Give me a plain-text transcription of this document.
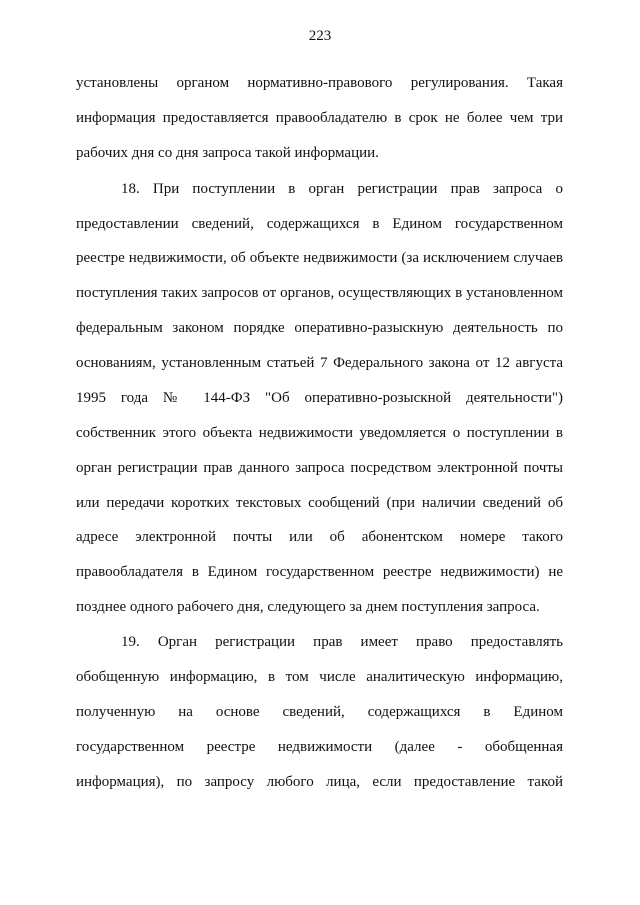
223
установлены органом нормативно-правового регулирования. Такая
информация предоставляется правообладателю в срок не более чем три
рабочих дня со дня запроса такой информации.
18. При поступлении в орган регистрации прав запроса о
предоставлении сведений, содержащихся в Едином государственном
реестре недвижимости, об объекте недвижимости (за исключением случаев
поступления таких запросов от органов, осуществляющих в установленном
федеральным законом порядке оперативно-разыскную деятельность по
основаниям, установленным статьей 7 Федерального закона от 12 августа
1995 года № 144-ФЗ "Об оперативно-розыскной деятельности")
собственник этого объекта недвижимости уведомляется о поступлении в
орган регистрации прав данного запроса посредством электронной почты
или передачи коротких текстовых сообщений (при наличии сведений об
адресе электронной почты или об абонентском номере такого
правообладателя в Едином государственном реестре недвижимости) не
позднее одного рабочего дня, следующего за днем поступления запроса.
19. Орган регистрации прав имеет право предоставлять
обобщенную информацию, в том числе аналитическую информацию,
полученную на основе сведений, содержащихся в Едином
государственном реестре недвижимости (далее - обобщенная
информация), по запросу любого лица, если предоставление такой
